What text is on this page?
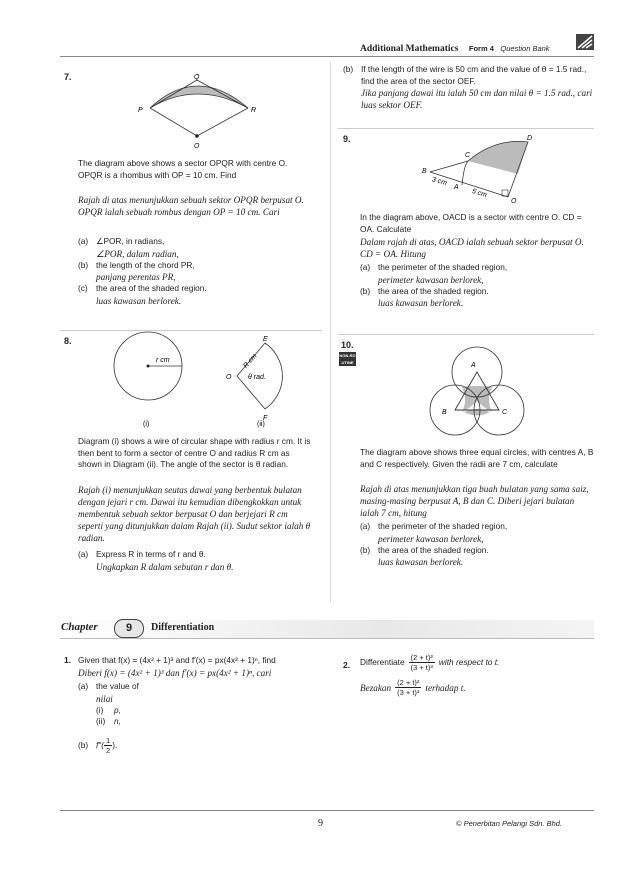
Additional Mathematics Form 4 Question Bank
7.	Q
P	R
O
The diagram above shows a sector OPQR with centre O. OPQR is a rhombus with OP = 10 cm. Find
Rajah di atas menunjukkan sebuah sektor OPQR berpusat O. OPQR ialah sebuah rombus dengan OP = 10 cm. Cari
(a) ∠POR, in radians,
∠POR, dalam radian,
(b) the length of the chord PR,
panjang perentas PR,
(c)	the area of the shaded region.
luas kawasan berlorek.
8.
r cm	R cm
E
F
O θ rad.
(i)	(ii)
Diagram (i) shows a wire of circular shape with radius r cm. It is then bent to form a sector of centre O and radius R cm as shown in Diagram (ii). The angle of the sector is θ radian.
Rajah (i) menunjukkan seutas dawai yang berbentuk bulatan dengan jejari r cm. Dawai itu kemudian dibengkokkan untuk membentuk sebuah sektor berpusat O dan berjejari R cm seperti yang ditunjukkan dalam Rajah (ii). Sudut sektor ialah θ radian.
(a) Express R in terms of r and θ.
Ungkapkan R dalam sebutan r dan θ.
(b) If the length of the wire is 50 cm and the value of θ = 1.5 rad., find the area of the sector OEF.
Jika panjang dawai itu ialah 50 cm dan nilai θ = 1.5 rad., cari luas sektor OEF.
9.
B
C
D
A
O
3 cm
5 cm
In the diagram above, OACD is a sector with centre O. CD = OA. Calculate
Dalam rajah di atas, OACD ialah sebuah sektor berpusat O. CD = OA. Hitung
(a) the perimeter of the shaded region,
perimeter kawasan berlorek,
(b) the area of the shaded region.
luas kawasan berlorek.
10.
NON-ROUTINE	A
B	C
The diagram above shows three equal circles, with centres A, B and C respectively. Given the radii are 7 cm, calculate
Rajah di atas menunjukkan tiga buah bulatan yang sama saiz, masing-masing berpusat A, B dan C. Diberi jejari bulatan ialah 7 cm, hitung
(a) the perimeter of the shaded region,
perimeter kawasan berlorek,
(b) the area of the shaded region.
luas kawasan berlorek.
Chapter	9	Differentiation
1. Given that f(x) = (4x² + 1)³ and f′(x) = px(4x² + 1)ⁿ, find
Diberi f(x) = (4x² + 1)³ dan f′(x) = px(4x² + 1)ⁿ, cari
(a) the value of
nilai
(i)	p,
(ii)	n,
(b) $f''( \frac{1}{2}$ ).
2. Differentiate $\frac{\text{(2 + t)²}}{\text{(3 + t)³}}$ with respect to t.
Bezakan $\frac{\text{(2 + t)²}}{\text{(3 + t)³}}$ terhadap t.
9	© Penerbitan Pelangi Sdn. Bhd.
